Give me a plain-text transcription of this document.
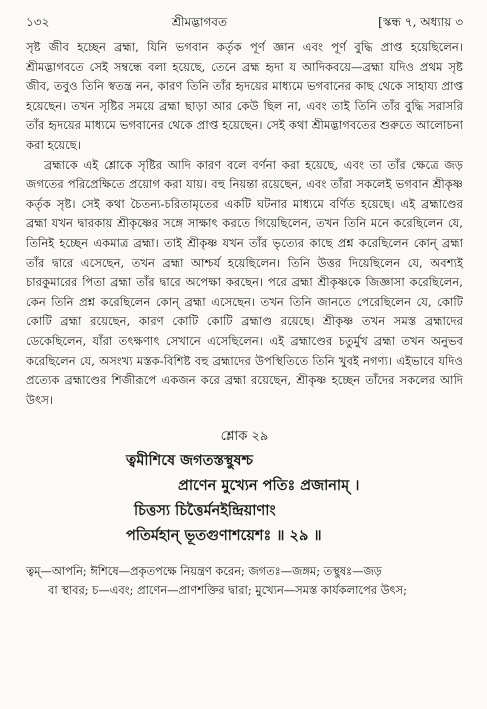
১৩২	শ্রীমদ্ভাগবত	[স্কন্ধ ৭, অধ্যায় ৩

সৃষ্ট জীব হচ্ছেন ব্রহ্মা, যিনি ভগবান কর্তৃক পূর্ণ জ্ঞান এবং পূর্ণ বুদ্ধি প্রাপ্ত হয়েছিলেন। শ্রীমদ্ভাগবতে সেই সম্বন্ধে বলা হয়েছে, তেনে ব্রহ্ম হৃদা য আদিকবয়ে—ব্রহ্মা যদিও প্রথম সৃষ্ট জীব, তবুও তিনি স্বতন্ত্র নন, কারণ তিনি তাঁর হৃদয়ের মাধ্যমে ভগবানের কাছ থেকে সাহায্য প্রাপ্ত হয়েছেন। তখন সৃষ্টির সময়ে ব্রহ্মা ছাড়া আর কেউ ছিল না, এবং তাই তিনি তাঁর বুদ্ধি সরাসরি তাঁর হৃদয়ের মাধ্যমে ভগবানের থেকে প্রাপ্ত হয়েছেন। সেই কথা শ্রীমদ্ভাগবতের শুরুতে আলোচনা করা হয়েছে।

ব্রহ্মাকে এই শ্লোকে সৃষ্টির আদি কারণ বলে বর্ণনা করা হয়েছে, এবং তা তাঁর ক্ষেত্রে জড় জগতের পরিপ্রেক্ষিতে প্রয়োগ করা যায়। বহু নিয়ন্তা রয়েছেন, এবং তাঁরা সকলেই ভগবান শ্রীকৃষ্ণ কর্তৃক সৃষ্ট। সেই কথা চৈতন্য-চরিতামৃতের একটি ঘটনার মাধ্যমে বর্ণিত হয়েছে। এই ব্রহ্মাণ্ডের ব্রহ্মা যখন দ্বারকায় শ্রীকৃষ্ণের সঙ্গে সাক্ষাৎ করতে গিয়েছিলেন, তখন তিনি মনে করেছিলেন যে, তিনিই হচ্ছেন একমাত্র ব্রহ্মা। তাই শ্রীকৃষ্ণ যখন তাঁর ভৃত্যের কাছে প্রশ্ন করেছিলেন কোন্ ব্রহ্মা তাঁর দ্বারে এসেছেন, তখন ব্রহ্মা আশ্চর্য হয়েছিলেন। তিনি উত্তর দিয়েছিলেন যে, অবশ্যই চারকুমারের পিতা ব্রহ্মা তাঁর দ্বারে অপেক্ষা করছেন। পরে ব্রহ্মা শ্রীকৃষ্ণকে জিজ্ঞাসা করেছিলেন, কেন তিনি প্রশ্ন করেছিলেন কোন্ ব্রহ্মা এসেছেন। তখন তিনি জানতে পেরেছিলেন যে, কোটি কোটি ব্রহ্মা রয়েছেন, কারণ কোটি কোটি ব্রহ্মাণ্ড রয়েছে। শ্রীকৃষ্ণ তখন সমস্ত ব্রহ্মাদের ডেকেছিলেন, যাঁরা তৎক্ষণাৎ সেখানে এসেছিলেন। এই ব্রহ্মাণ্ডের চতুর্মুখ ব্রহ্মা তখন অনুভব করেছিলেন যে, অসংখ্য মস্তক-বিশিষ্ট বহু ব্রহ্মাদের উপস্থিতিতে তিনি খুবই নগণ্য। এইভাবে যদিও প্রত্যেক ব্রহ্মাণ্ডের শিজীরূপে একজন করে ব্রহ্মা রয়েছেন, শ্রীকৃষ্ণ হচ্ছেন তাঁদের সকলের আদি উৎস।

শ্লোক ২৯
ত্বমীশিষে জগতস্তস্থুষশ্চ
প্রাণেন মুখ্যেন পতিঃ প্রজানাম্ ।
চিত্তস্য চিত্তৈর্মনইন্দ্রিয়াণাং
পতির্মহান্ ভূতগুণাশয়েশঃ ॥ ২৯ ॥
ত্বম্—আপনি; ঈশিষে—প্রকৃতপক্ষে নিয়ন্ত্রণ করেন; জগতঃ—জঙ্গম; তস্থুষঃ—জড়
বা স্থাবর; চ—এবং; প্রাণেন—প্রাণশক্তির দ্বারা; মুখ্যেন—সমস্ত কার্যকলাপের উৎস;
